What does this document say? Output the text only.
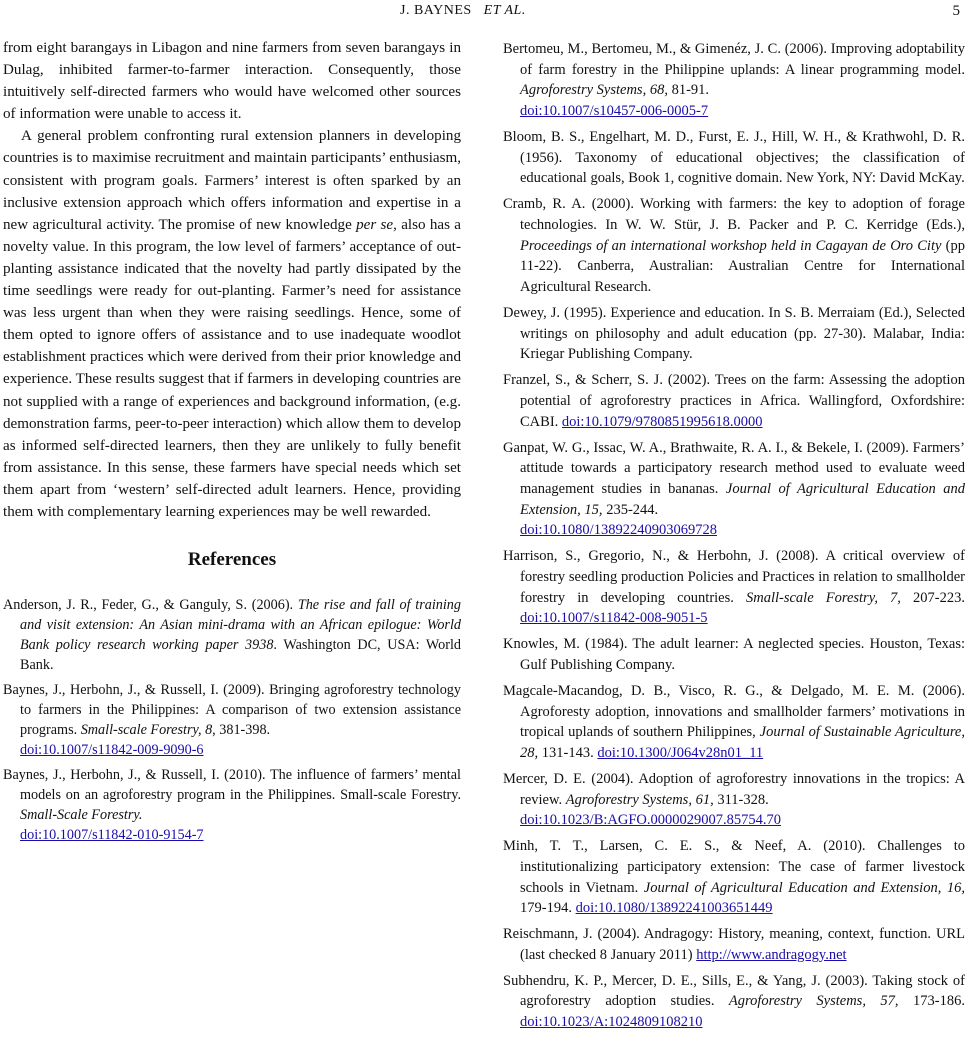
J. BAYNES ET AL.	5

from eight barangays in Libagon and nine farmers from seven barangays in Dulag, inhibited farmer-to-farmer interaction. Consequently, those intuitively self-directed farmers who would have welcomed other sources of information were unable to access it.

A general problem confronting rural extension planners in developing countries is to maximise recruitment and maintain participants’ enthusiasm, consistent with program goals. Farmers’ interest is often sparked by an inclusive extension approach which offers information and expertise in a new agricultural activity. The promise of new knowledge per se, also has a novelty value. In this program, the low level of farmers’ acceptance of out-planting assistance indicated that the novelty had partly dissipated by the time seedlings were ready for out-planting. Farmer’s need for assistance was less urgent than when they were raising seedlings. Hence, some of them opted to ignore offers of assistance and to use inadequate woodlot establishment practices which were derived from their prior knowledge and experience. These results suggest that if farmers in developing countries are not supplied with a range of experiences and background information, (e.g. demonstration farms, peer-to-peer interaction) which allow them to develop as informed self-directed learners, then they are unlikely to fully benefit from assistance. In this sense, these farmers have special needs which set them apart from ‘western’ self-directed adult learners. Hence, providing them with complementary learning experiences may be well rewarded.

References

Anderson, J. R., Feder, G., & Ganguly, S. (2006). The rise and fall of training and visit extension: An Asian mini-drama with an African epilogue: World Bank policy research working paper 3938. Washington DC, USA: World Bank.

Baynes, J., Herbohn, J., & Russell, I. (2009). Bringing agroforestry technology to farmers in the Philippines: A comparison of two extension assistance programs. Small-scale Forestry, 8, 381-398.
doi:10.1007/s11842-009-9090-6

Baynes, J., Herbohn, J., & Russell, I. (2010). The influence of farmers’ mental models on an agroforestry program in the Philippines. Small-scale Forestry. Small-Scale Forestry.
doi:10.1007/s11842-010-9154-7

Bertomeu, M., Bertomeu, M., & Gimenéz, J. C. (2006). Improving adoptability of farm forestry in the Philippine uplands: A linear programming model. Agroforestry Systems, 68, 81-91.
doi:10.1007/s10457-006-0005-7

Bloom, B. S., Engelhart, M. D., Furst, E. J., Hill, W. H., & Krathwohl, D. R. (1956). Taxonomy of educational objectives; the classification of educational goals, Book 1, cognitive domain. New York, NY: David McKay.

Cramb, R. A. (2000). Working with farmers: the key to adoption of forage technologies. In W. W. Stür, J. B. Packer and P. C. Kerridge (Eds.), Proceedings of an international workshop held in Cagayan de Oro City (pp 11-22). Canberra, Australian: Australian Centre for International Agricultural Research.

Dewey, J. (1995). Experience and education. In S. B. Merraiam (Ed.), Selected writings on philosophy and adult education (pp. 27-30). Malabar, India: Kriegar Publishing Company.

Franzel, S., & Scherr, S. J. (2002). Trees on the farm: Assessing the adoption potential of agroforestry practices in Africa. Wallingford, Oxfordshire: CABI. doi:10.1079/9780851995618.0000

Ganpat, W. G., Issac, W. A., Brathwaite, R. A. I., & Bekele, I. (2009). Farmers’ attitude towards a participatory research method used to evaluate weed management studies in bananas. Journal of Agricultural Education and Extension, 15, 235-244.
doi:10.1080/13892240903069728

Harrison, S., Gregorio, N., & Herbohn, J. (2008). A critical overview of forestry seedling production Policies and Practices in relation to smallholder forestry in developing countries. Small-scale Forestry, 7, 207-223. doi:10.1007/s11842-008-9051-5

Knowles, M. (1984). The adult learner: A neglected species. Houston, Texas: Gulf Publishing Company.

Magcale-Macandog, D. B., Visco, R. G., & Delgado, M. E. M. (2006). Agroforesty adoption, innovations and smallholder farmers’ motivations in tropical uplands of southern Philippines, Journal of Sustainable Agriculture, 28, 131-143. doi:10.1300/J064v28n01_11

Mercer, D. E. (2004). Adoption of agroforestry innovations in the tropics: A review. Agroforestry Systems, 61, 311-328.
doi:10.1023/B:AGFO.0000029007.85754.70

Minh, T. T., Larsen, C. E. S., & Neef, A. (2010). Challenges to institutionalizing participatory extension: The case of farmer livestock schools in Vietnam. Journal of Agricultural Education and Extension, 16, 179-194. doi:10.1080/13892241003651449

Reischmann, J. (2004). Andragogy: History, meaning, context, function. URL (last checked 8 January 2011) http://www.andragogy.net

Subhendru, K. P., Mercer, D. E., Sills, E., & Yang, J. (2003). Taking stock of agroforestry adoption studies. Agroforestry Systems, 57, 173-186. doi:10.1023/A:1024809108210
